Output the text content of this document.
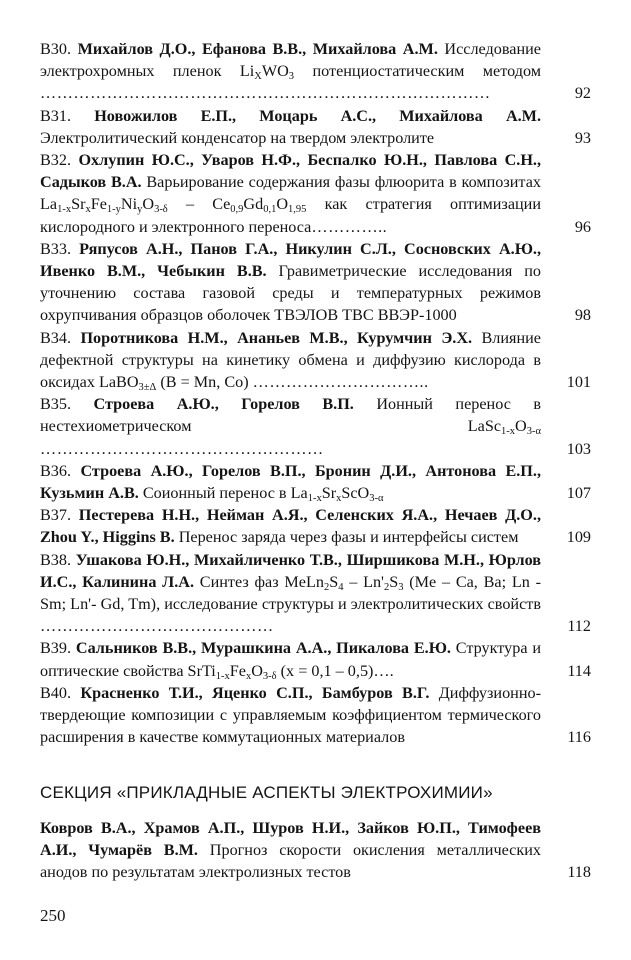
В30. Михайлов Д.О., Ефанова В.В., Михайлова А.М. Исследование электрохромных пленок $Li_XWO_3$ потенциостатическим методом ………………………………………………………………………	92
В31. Новожилов Е.П., Моцарь А.С., Михайлова А.М. Электролитический конденсатор на твердом электролите	93
В32. Охлупин Ю.С., Уваров Н.Ф., Беспалко Ю.Н., Павлова С.Н., Садыков В.А. Варьирование содержания фазы флюорита в композитах $La_{1-x}Sr_xFe_{1-y}Ni_yO_{3-\delta} - Ce_{0,9}Gd_{0,1}O_{1,95}$ как стратегия оптимизации кислородного и электронного переноса…………..	96
В33. Ряпусов А.Н., Панов Г.А., Никулин С.Л., Сосновских А.Ю., Ивенко В.М., Чебыкин В.В. Гравиметрические исследования по уточнению состава газовой среды и температурных режимов охрупчивания образцов оболочек ТВЭЛОВ ТВС ВВЭР-1000	98
В34. Поротникова Н.М., Ананьев М.В., Курумчин Э.Х. Влияние дефектной структуры на кинетику обмена и диффузию кислорода в оксидах LaBO$_{3\pm\Delta}$ (B = Mn, Co) …………………………..	101
В35. Строева А.Ю., Горелов В.П. Ионный перенос в нестехиометрическом $LaSc_{1-x}O_{3-\alpha}$ ……………………………………………	103
В36. Строева А.Ю., Горелов В.П., Бронин Д.И., Антонова Е.П., Кузьмин А.В. Соионный перенос в $La_{1-x}Sr_xScO_{3-\alpha}$	107
В37. Пестерева Н.Н., Нейман А.Я., Селенских Я.А., Нечаев Д.О., Zhou Y., Higgins B. Перенос заряда через фазы и интерфейсы систем	109
В38. Ушакова Ю.Н., Михайличенко Т.В., Ширшикова М.Н., Юрлов И.С., Калинина Л.А. Синтез фаз $MeLn_2S_4 - Ln'_2S_3$ (Me – Ca, Ba; Ln - Sm; Ln'- Gd, Tm), исследование структуры и электролитических свойств ……………………………………	112
В39. Сальников В.В., Мурашкина А.А., Пикалова Е.Ю. Структура и оптические свойства $SrTi_{1-x}Fe_xO_{3-\delta}$ (x = 0,1 – 0,5)….	114
В40. Красненко Т.И., Яценко С.П., Бамбуров В.Г. Диффузионно-твердеющие композиции с управляемым коэффициентом термического расширения в качестве коммутационных материалов	116
СЕКЦИЯ «ПРИКЛАДНЫЕ АСПЕКТЫ ЭЛЕКТРОХИМИИ»
Ковров В.А., Храмов А.П., Шуров Н.И., Зайков Ю.П., Тимофеев А.И., Чумарёв В.М. Прогноз скорости окисления металлических анодов по результатам электролизных тестов	118
250
